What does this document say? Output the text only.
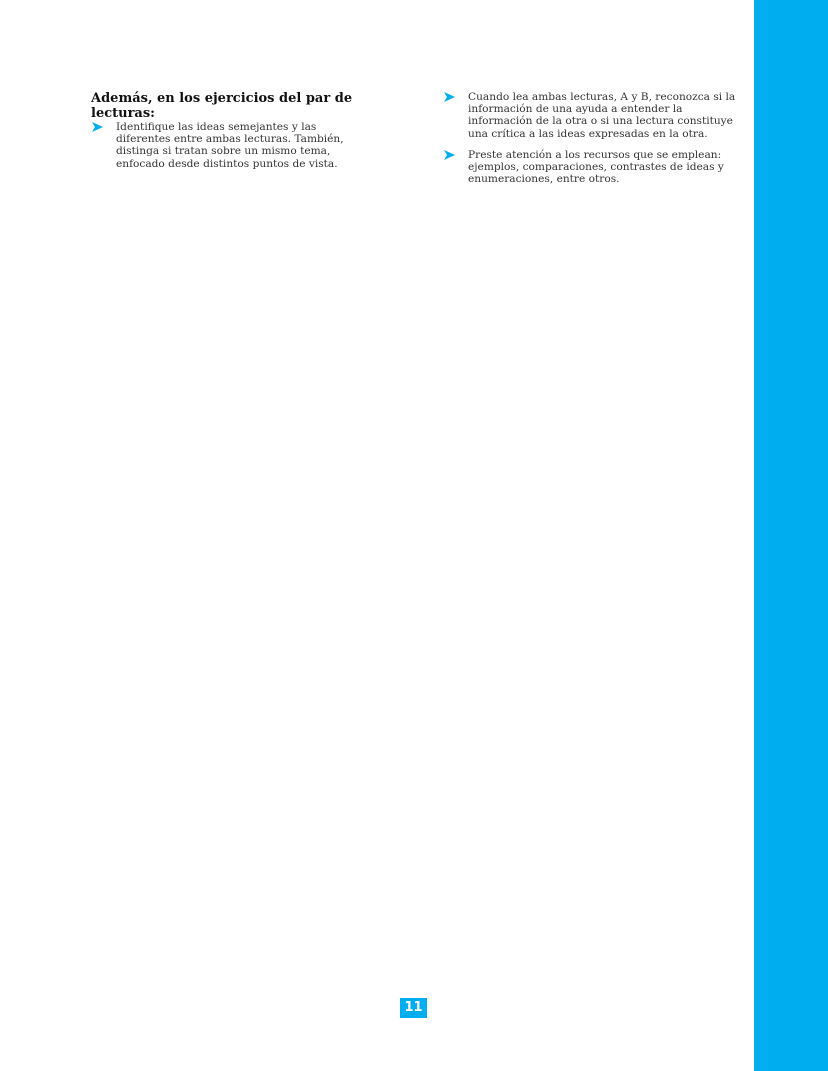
Además, en los ejercicios del par de lecturas:
Identifique las ideas semejantes y las diferentes entre ambas lecturas. También, distinga si tratan sobre un mismo tema, enfocado desde distintos puntos de vista.
Cuando lea ambas lecturas, A y B, reconozca si la información de una ayuda a entender la información de la otra o si una lectura constituye una crítica a las ideas expresadas en la otra.
Preste atención a los recursos que se emplean: ejemplos, comparaciones, contrastes de ideas y enumeraciones, entre otros.
11
